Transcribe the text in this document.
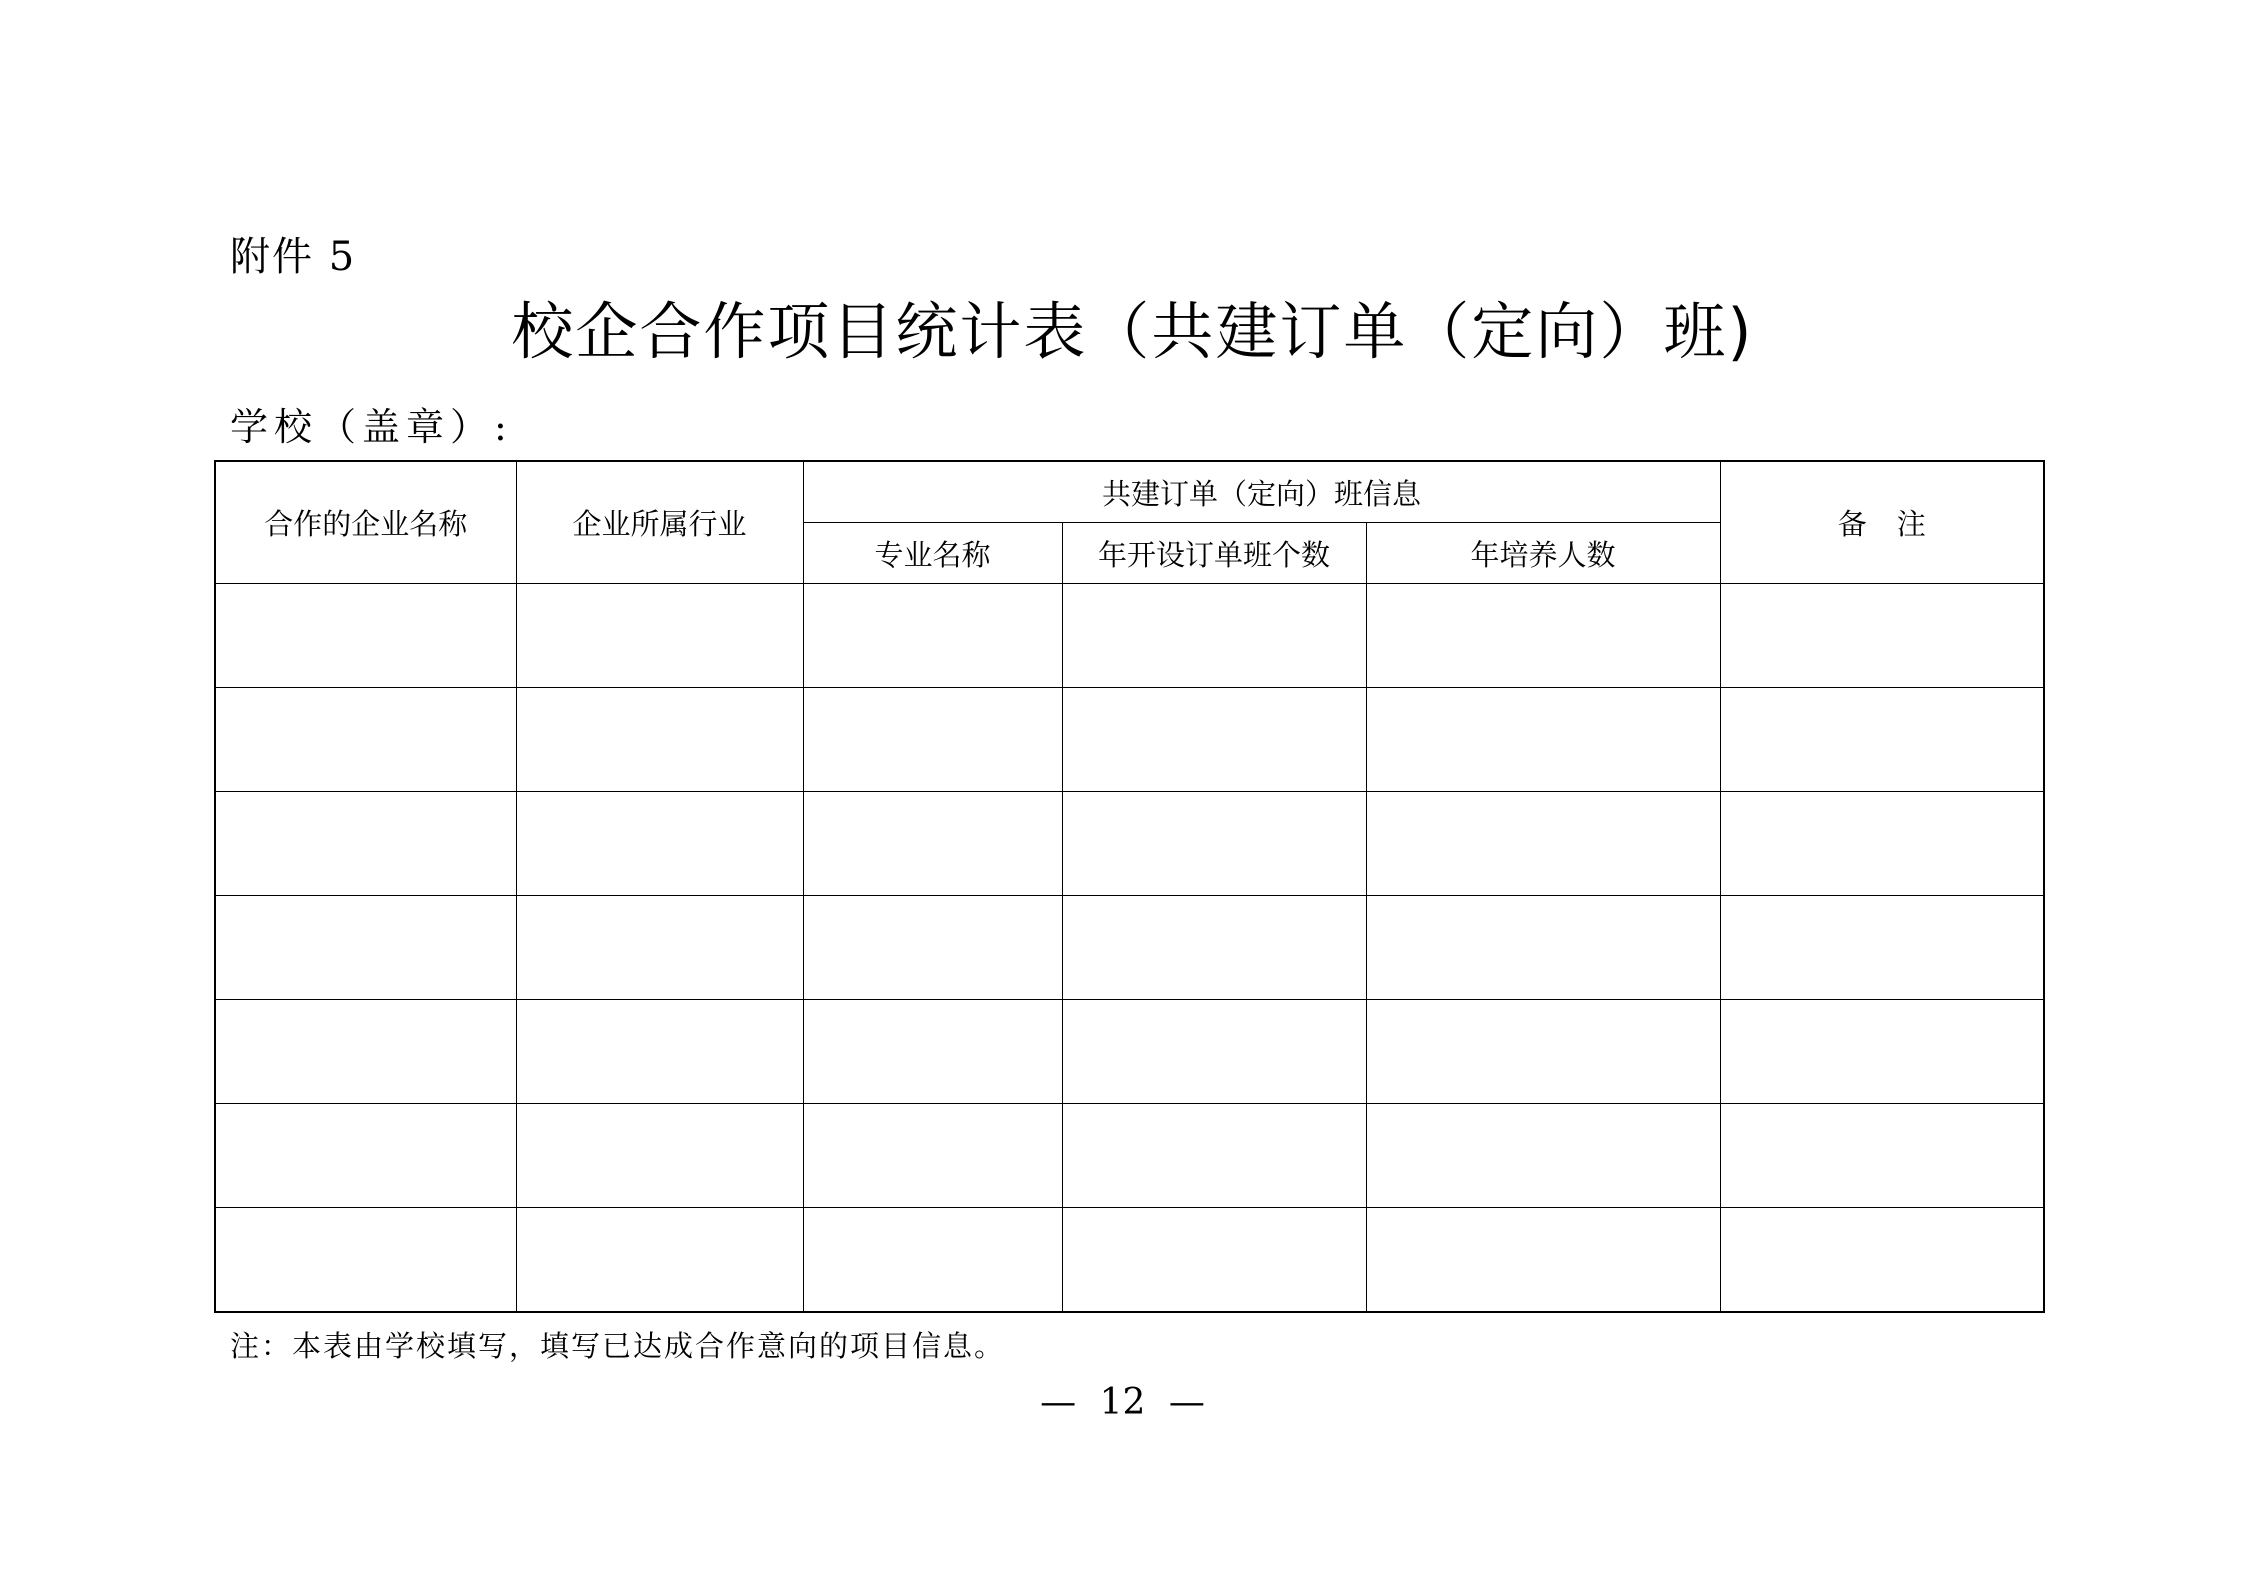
附件 5
校企合作项目统计表（共建订单（定向）班)
学校（盖章）:
合作的企业名称	企业所属行业	共建订单（定向）班信息			备注
		专业名称	年开设订单班个数	年培养人数	

注：本表由学校填写，填写已达成合作意向的项目信息。
— 12 —
